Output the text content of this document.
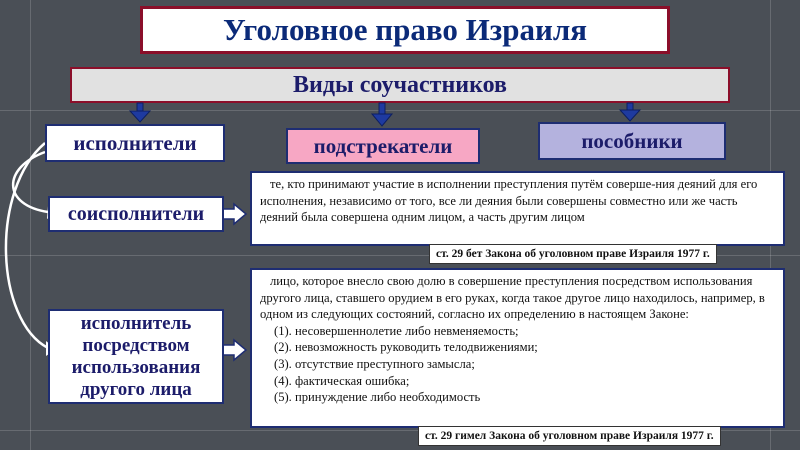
Уголовное право Израиля
Виды соучастников
исполнители	подстрекатели	пособники
соисполнители
исполнитель посредством использования другого лица
те, кто принимают участие в исполнении преступления путём соверше-ния деяний для его исполнения, независимо от того, все ли деяния были совершены совместно или же часть деяний была совершена одним лицом, а часть другим лицом
лицо, которое внесло свою долю в совершение преступления посредством использования другого лица, ставшего орудием в его руках, когда такое другое лицо находилось, например, в одном из следующих состояний, согласно их определению в настоящем Законе:
(1). несовершеннолетие либо невменяемость;
(2). невозможность руководить телодвижениями;
(3). отсутствие преступного замысла;
(4). фактическая ошибка;
(5). принуждение либо необходимость
ст. 29 бет Закона об уголовном праве Израиля 1977 г.
ст. 29 гимел Закона об уголовном праве Израиля 1977 г.
